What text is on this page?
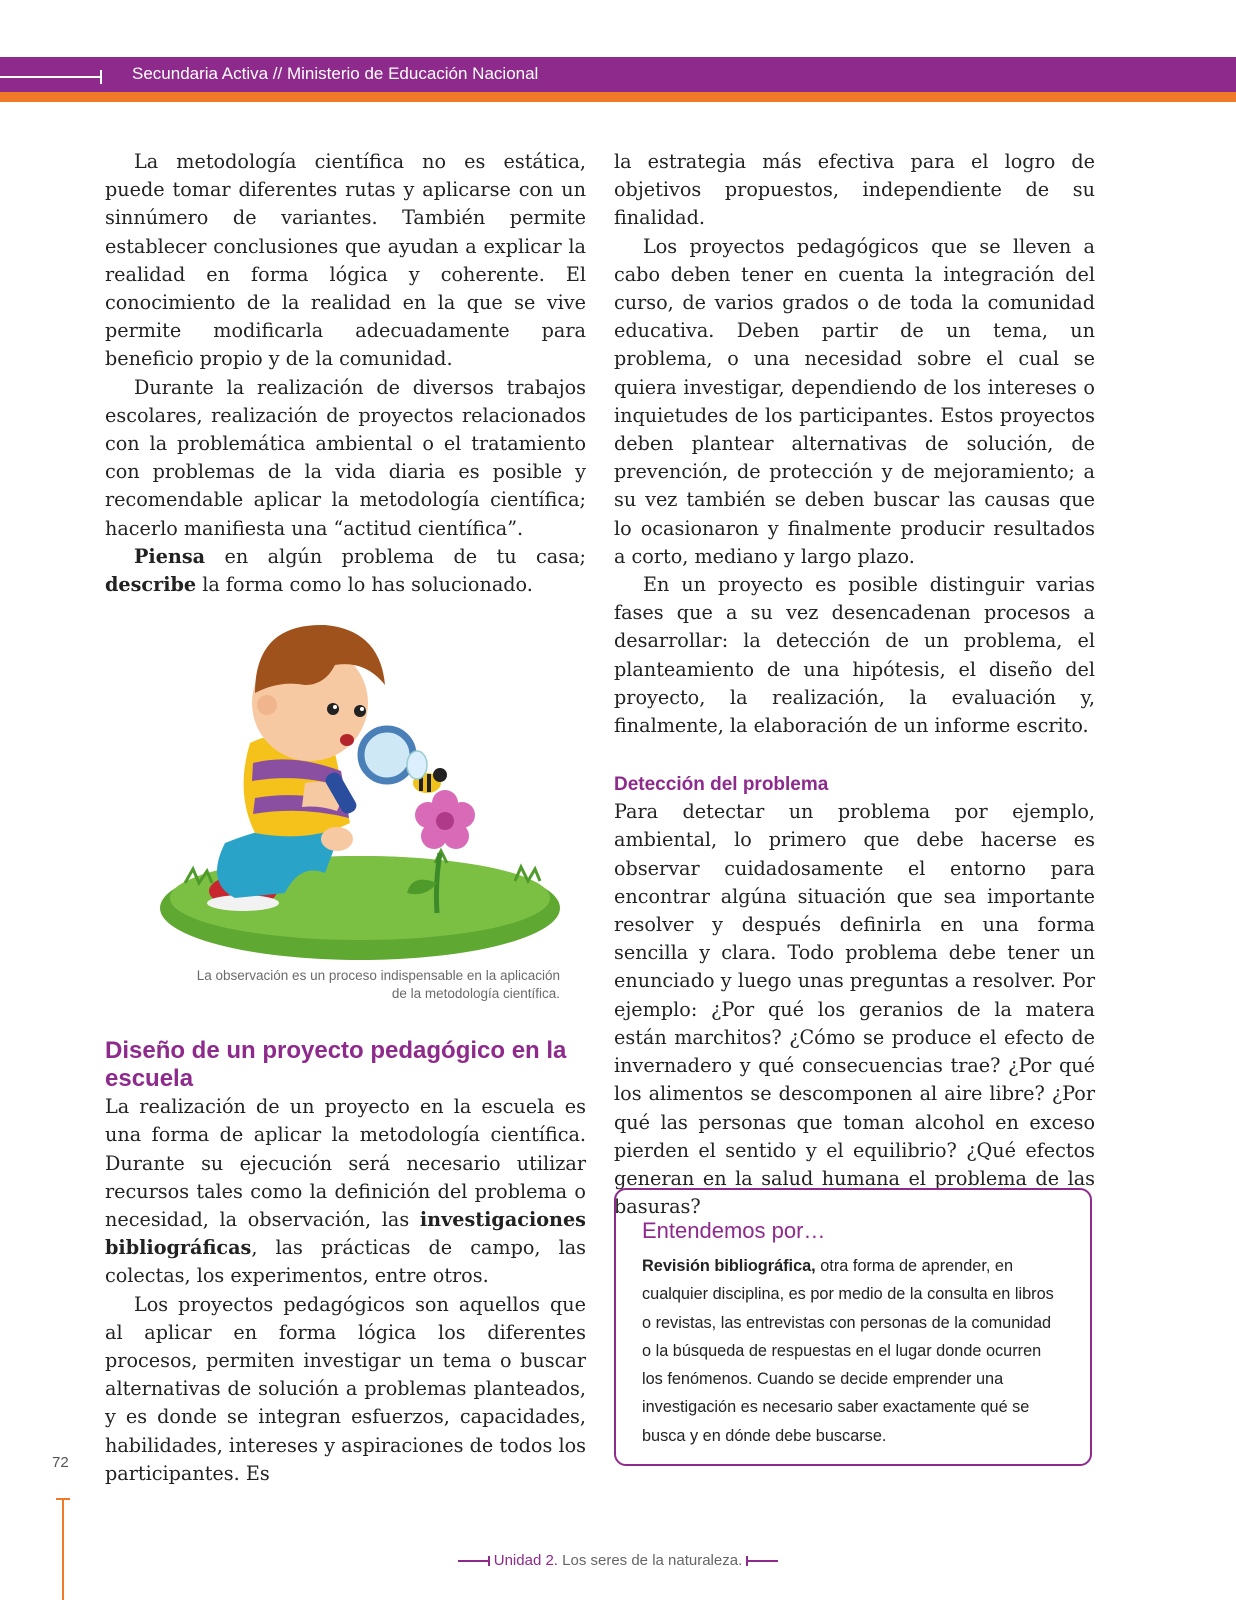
Secundaria Activa // Ministerio de Educación Nacional

La metodología científica no es estática, puede tomar diferentes rutas y aplicarse con un sinnúmero de variantes. También permite establecer conclusiones que ayudan a explicar la realidad en forma lógica y coherente. El conocimiento de la realidad en la que se vive permite modificarla adecuadamente para beneficio propio y de la comunidad.

Durante la realización de diversos trabajos escolares, realización de proyectos relacionados con la problemática ambiental o el tratamiento con problemas de la vida diaria es posible y recomendable aplicar la metodología científica; hacerlo manifiesta una “actitud científica”.

Piensa en algún problema de tu casa; describe la forma como lo has solucionado.

La observación es un proceso indispensable en la aplicación
de la metodología científica.
Diseño de un proyecto pedagógico en la escuela

La realización de un proyecto en la escuela es una forma de aplicar la metodología científica. Durante su ejecución será necesario utilizar recursos tales como la definición del problema o necesidad, la observación, las investigaciones bibliográficas, las prácticas de campo, las colectas, los experimentos, entre otros.

Los proyectos pedagógicos son aquellos que al aplicar en forma lógica los diferentes procesos, permiten investigar un tema o buscar alternativas de solución a problemas planteados, y es donde se integran esfuerzos, capacidades, habilidades, intereses y aspiraciones de todos los participantes. Es

la estrategia más efectiva para el logro de objetivos propuestos, independiente de su finalidad.

Los proyectos pedagógicos que se lleven a cabo deben tener en cuenta la integración del curso, de varios grados o de toda la comunidad educativa. Deben partir de un tema, un problema, o una necesidad sobre el cual se quiera investigar, dependiendo de los intereses o inquietudes de los participantes. Estos proyectos deben plantear alternativas de solución, de prevención, de protección y de mejoramiento; a su vez también se deben buscar las causas que lo ocasionaron y finalmente producir resultados a corto, mediano y largo plazo.

En un proyecto es posible distinguir varias fases que a su vez desencadenan procesos a desarrollar: la detección de un problema, el planteamiento de una hipótesis, el diseño del proyecto, la realización, la evaluación y, finalmente, la elaboración de un informe escrito.

Detección del problema

Para detectar un problema por ejemplo, ambiental, lo primero que debe hacerse es observar cuidadosamente el entorno para encontrar algúna situación que sea importante resolver y después definirla en una forma sencilla y clara. Todo problema debe tener un enunciado y luego unas preguntas a resolver. Por ejemplo: ¿Por qué los geranios de la matera están marchitos? ¿Cómo se produce el efecto de invernadero y qué consecuencias trae? ¿Por qué los alimentos se descomponen al aire libre? ¿Por qué las personas que toman alcohol en exceso pierden el sentido y el equilibrio? ¿Qué efectos generan en la salud humana el problema de las basuras?

Entendemos por…

Revisión bibliográfica, otra forma de aprender, en cualquier disciplina, es por medio de la consulta en libros o revistas, las entrevistas con personas de la comunidad o la búsqueda de respuestas en el lugar donde ocurren los fenómenos. Cuando se decide emprender una investigación es necesario saber exactamente qué se busca y en dónde debe buscarse.

72
Unidad 2. Los seres de la naturaleza.
